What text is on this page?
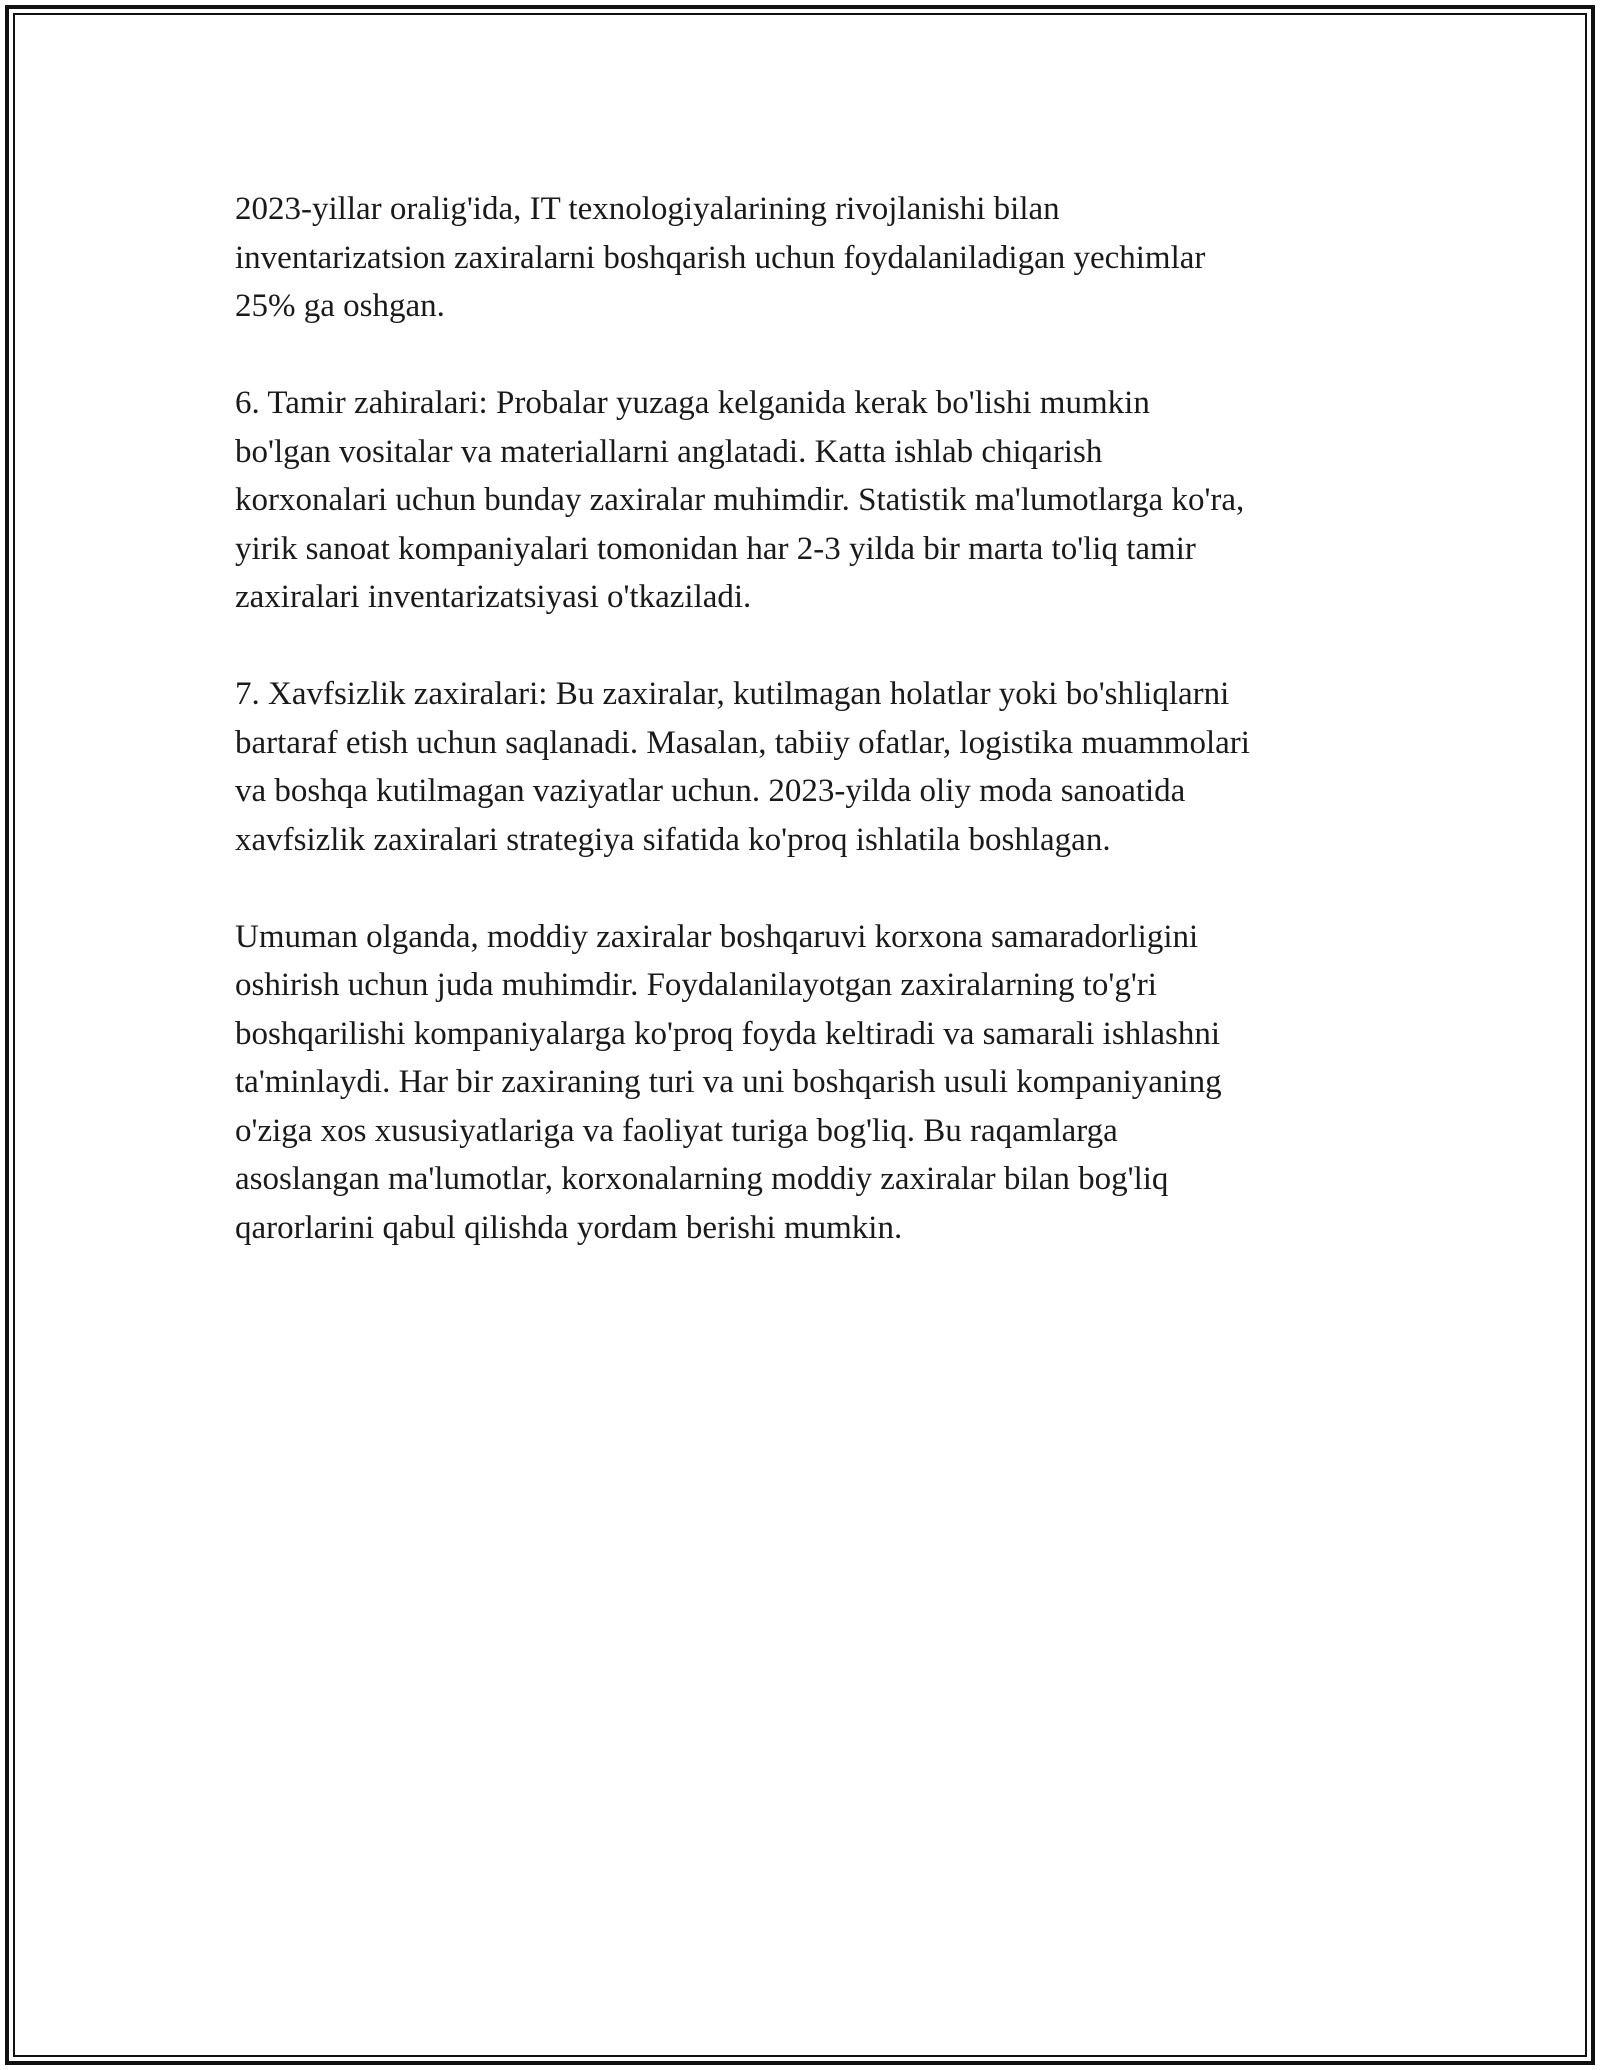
2023-yillar oralig'ida, IT texnologiyalarining rivojlanishi bilan
inventarizatsion zaxiralarni boshqarish uchun foydalaniladigan yechimlar
25% ga oshgan.

6. Tamir zahiralari: Probalar yuzaga kelganida kerak bo'lishi mumkin
bo'lgan vositalar va materiallarni anglatadi. Katta ishlab chiqarish
korxonalari uchun bunday zaxiralar muhimdir. Statistik ma'lumotlarga ko'ra,
yirik sanoat kompaniyalari tomonidan har 2-3 yilda bir marta to'liq tamir
zaxiralari inventarizatsiyasi o'tkaziladi.

7. Xavfsizlik zaxiralari: Bu zaxiralar, kutilmagan holatlar yoki bo'shliqlarni
bartaraf etish uchun saqlanadi. Masalan, tabiiy ofatlar, logistika muammolari
va boshqa kutilmagan vaziyatlar uchun. 2023-yilda oliy moda sanoatida
xavfsizlik zaxiralari strategiya sifatida ko'proq ishlatila boshlagan.

Umuman olganda, moddiy zaxiralar boshqaruvi korxona samaradorligini
oshirish uchun juda muhimdir. Foydalanilayotgan zaxiralarning to'g'ri
boshqarilishi kompaniyalarga ko'proq foyda keltiradi va samarali ishlashni
ta'minlaydi. Har bir zaxiraning turi va uni boshqarish usuli kompaniyaning
o'ziga xos xususiyatlariga va faoliyat turiga bog'liq. Bu raqamlarga
asoslangan ma'lumotlar, korxonalarning moddiy zaxiralar bilan bog'liq
qarorlarini qabul qilishda yordam berishi mumkin.
